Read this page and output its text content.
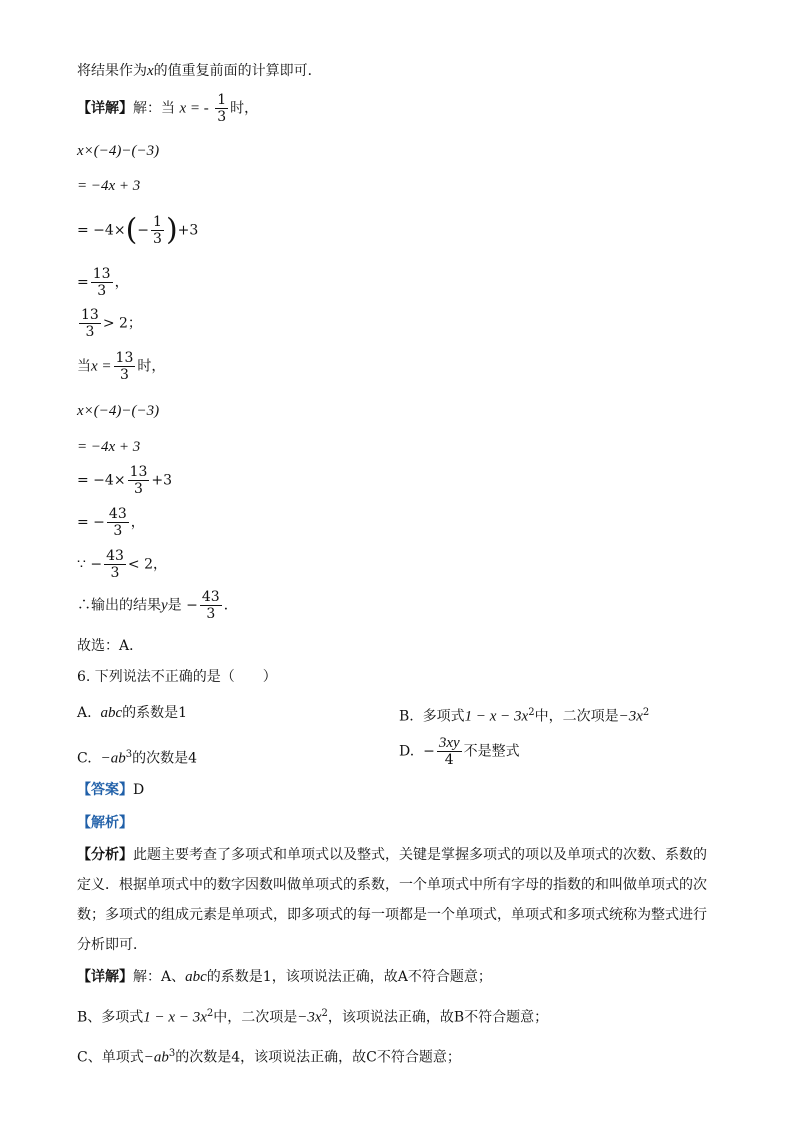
将结果作为x的值重复前面的计算即可．
【详解】解：当 x = - $\frac{1}{3}$ 时，
x×(−4)−(−3)
= −4x + 3
= $-4\times(- \frac{1}{3} )+3$
= $\frac{13}{3}$ ，
$\frac{13}{3} > 2$；
当$x = \frac{13}{3}$ 时，
x×(−4)−(−3)
= −4x + 3
= $-4\times \frac{13}{3} +3$
= − $\frac{43}{3}$ ，
∵ − $\frac{43}{3} < 2$，
∴输出的结果y是 − $\frac{43}{3}$ ．
故选：A．
6. 下列说法不正确的是（　　）
A. abc的系数是1	B. 多项式$1 - x - 3x^2$中，二次项是$-3x^2$
C. $-ab^3$的次数是4	D. − $\frac{3xy}{4}$ 不是整式
【答案】D
【解析】
【分析】此题主要考查了多项式和单项式以及整式，关键是掌握多项式的项以及单项式的次数、系数的定义．根据单项式中的数字因数叫做单项式的系数，一个单项式中所有字母的指数的和叫做单项式的次数；多项式的组成元素是单项式，即多项式的每一项都是一个单项式，单项式和多项式统称为整式进行分析即可．
【详解】解：A、abc的系数是1，该项说法正确，故A不符合题意；
B、多项式$1 - x - 3x^2$中，二次项是$-3x^2$，该项说法正确，故B不符合题意；
C、单项式$-ab^3$的次数是4，该项说法正确，故C不符合题意；
